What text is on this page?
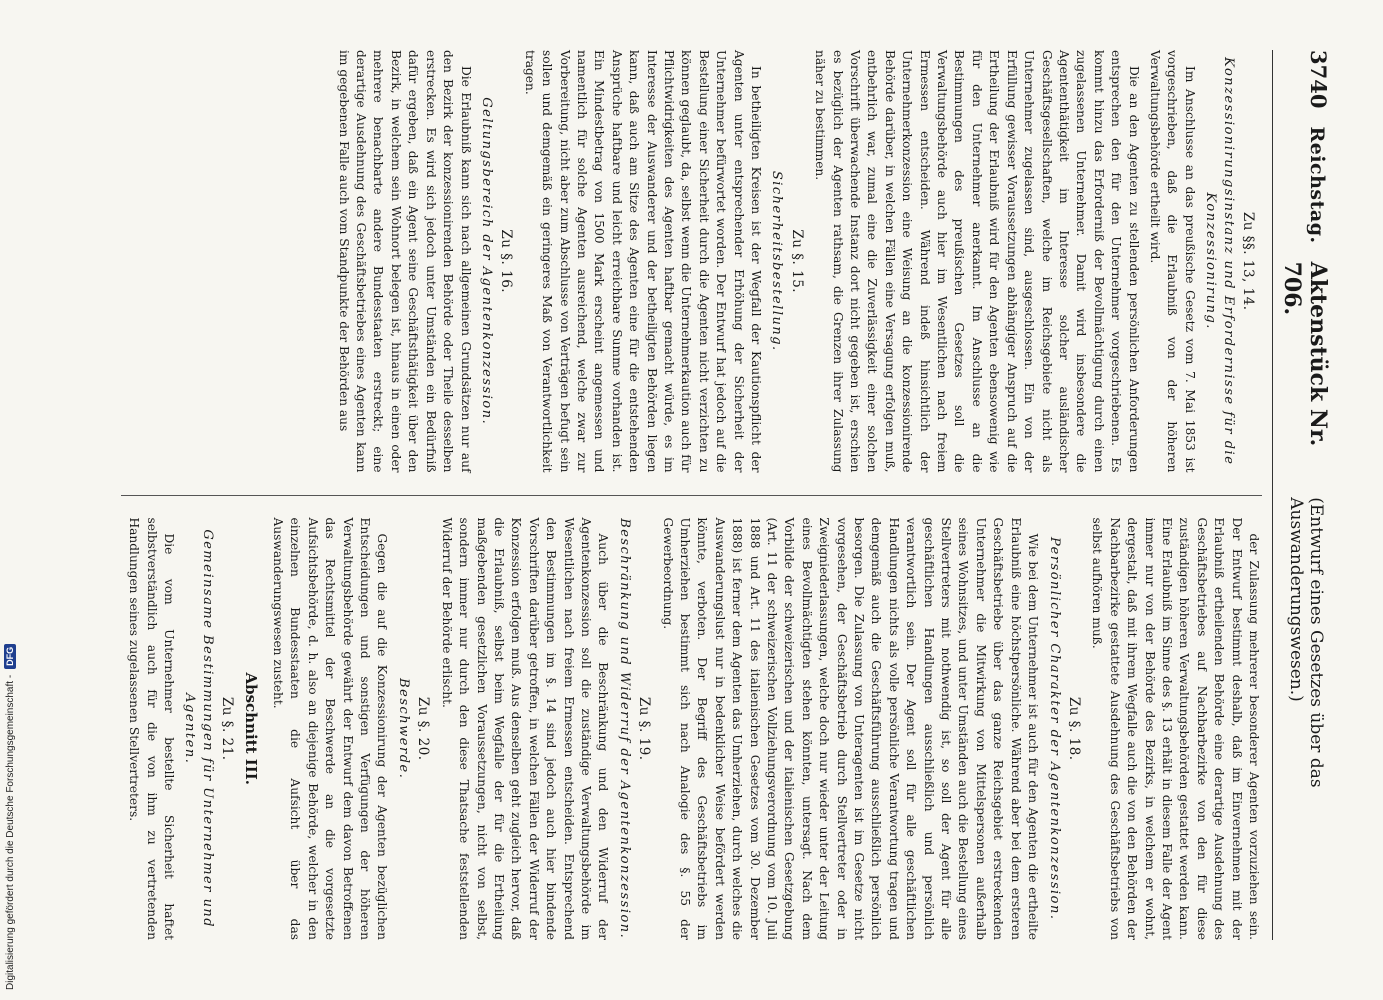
3740
Reichstag.
Aktenstück Nr. 706.
(Entwurf eines Gesetzes über das Auswanderungswesen.)
Zu §§. 13, 14.
Konzessionirungsinstanz und Erfordernisse für die Konzessionirung.

Im Anschlusse an das preußische Gesetz vom 7. Mai 1853 ist vorgeschrieben, daß die Erlaubniß von der höheren Verwaltungsbehörde ertheilt wird.

Die an den Agenten zu stellenden persönlichen Anforderungen entsprechen den für den Unternehmer vorgeschriebenen. Es kommt hinzu das Erforderniß der Bevollmächtigung durch einen zugelassenen Unternehmer. Damit wird insbesondere die Agententhätigkeit im Interesse solcher ausländischer Geschäftsgesellschaften, welche im Reichsgebiete nicht als Unternehmer zugelassen sind, ausgeschlossen. Ein von der Erfüllung gewisser Voraussetzungen abhängiger Anspruch auf die Ertheilung der Erlaubniß wird für den Agenten ebensowenig wie für den Unternehmer anerkannt. Im Anschlusse an die Bestimmungen des preußischen Gesetzes soll die Verwaltungsbehörde auch hier im Wesentlichen nach freiem Ermessen entscheiden. Während indeß hinsichtlich der Unternehmerkonzession eine Weisung an die konzessionirende Behörde darüber, in welchen Fällen eine Versagung erfolgen muß, entbehrlich war, zumal eine die Zuverlässigkeit einer solchen Vorschrift überwachende Instanz dort nicht gegeben ist, erschien es bezüglich der Agenten rathsam, die Grenzen ihrer Zulassung näher zu bestimmen.

Zu §. 15.
Sicherheitsbestellung.

In betheiligten Kreisen ist der Wegfall der Kautionspflicht der Agenten unter entsprechender Erhöhung der Sicherheit der Unternehmer befürwortet worden. Der Entwurf hat jedoch auf die Bestellung einer Sicherheit durch die Agenten nicht verzichten zu können geglaubt, da, selbst wenn die Unternehmerkaution auch für Pflichtwidrigkeiten des Agenten haftbar gemacht würde, es im Interesse der Auswanderer und der betheiligten Behörden liegen kann, daß auch am Sitze des Agenten eine für die entstehenden Ansprüche haftbare und leicht erreichbare Summe vorhanden ist. Ein Mindestbetrag von 1500 Mark erscheint angemessen und namentlich für solche Agenten ausreichend, welche zwar zur Vorbereitung, nicht aber zum Abschlusse von Verträgen befugt sein sollen und demgemäß ein geringeres Maß von Verantwortlichkeit tragen.

Zu §. 16.
Geltungsbereich der Agentenkonzession.

Die Erlaubniß kann sich nach allgemeinen Grundsätzen nur auf den Bezirk der konzessionirenden Behörde oder Theile desselben erstrecken. Es wird sich jedoch unter Umständen ein Bedürfniß dafür ergeben, daß ein Agent seine Geschäftsthätigkeit über den Bezirk, in welchem sein Wohnort belegen ist, hinaus in einen oder mehrere benachbarte andere Bundesstaaten erstreckt; eine derartige Ausdehnung des Geschäftsbetriebes eines Agenten kann im gegebenen Falle auch vom Standpunkte der Behörden aus

der Zulassung mehrerer besonderer Agenten vorzuziehen sein. Der Entwurf bestimmt deshalb, daß im Einvernehmen mit der Erlaubniß ertheilenden Behörde eine derartige Ausdehnung des Geschäftsbetriebes auf Nachbarbezirke von den für diese zuständigen höheren Verwaltungsbehörden gestattet werden kann. Eine Erlaubniß im Sinne des §. 13 erhält in diesem Falle der Agent immer nur von der Behörde des Bezirks, in welchem er wohnt, dergestalt, daß mit ihrem Wegfalle auch die von den Behörden der Nachbarbezirke gestattete Ausdehnung des Geschäftsbetriebs von selbst aufhören muß.

Zu §. 18.
Persönlicher Charakter der Agentenkonzession.

Wie bei dem Unternehmer ist auch für den Agenten die ertheilte Erlaubniß eine höchstpersönliche. Während aber bei dem ersteren Geschäftsbetriebe über das ganze Reichsgebiet erstreckenden Unternehmer die Mitwirkung von Mittelspersonen außerhalb seines Wohnsitzes, und unter Umständen auch die Bestellung eines Stellvertreters mit nothwendig ist, so soll der Agent für alle geschäftlichen Handlungen ausschließlich und persönlich verantwortlich sein. Der Agent soll für alle geschäftlichen Handlungen nichts als volle persönliche Verantwortung tragen und demgemäß auch die Geschäftsführung ausschließlich persönlich besorgen. Die Zulassung von Unteragenten ist im Gesetze nicht vorgesehen, der Geschäftsbetrieb durch Stellvertreter oder in Zweigniederlassungen, welche doch nur wieder unter der Leitung eines Bevollmächtigten stehen könnten, untersagt. Nach dem Vorbilde der schweizerischen und der italienischen Gesetzgebung (Art. 11 der schweizerischen Vollziehungsverordnung vom 10. Juli 1888 und Art. 11 des italienischen Gesetzes vom 30. Dezember 1888) ist ferner dem Agenten das Umherziehen, durch welches die Auswanderungslust nur in bedenklicher Weise befördert werden könnte, verboten. Der Begriff des Geschäftsbetriebs im Umherziehen bestimmt sich nach Analogie des §. 55 der Gewerbeordnung.

Zu §. 19.
Beschränkung und Widerruf der Agentenkonzession.

Auch über die Beschränkung und den Widerruf der Agentenkonzession soll die zuständige Verwaltungsbehörde im Wesentlichen nach freiem Ermessen entscheiden. Entsprechend den Bestimmungen im §. 14 sind jedoch auch hier bindende Vorschriften darüber getroffen, in welchen Fällen der Widerruf der Konzession erfolgen muß. Aus denselben geht zugleich hervor, daß die Erlaubniß, selbst beim Wegfalle der für die Ertheilung maßgebenden gesetzlichen Voraussetzungen, nicht von selbst, sondern immer nur durch den diese Thatsache feststellenden Widerruf der Behörde erlischt.

Zu §. 20.
Beschwerde.

Gegen die auf die Konzessionirung der Agenten bezüglichen Entscheidungen und sonstigen Verfügungen der höheren Verwaltungsbehörde gewährt der Entwurf dem davon Betroffenen das Rechtsmittel der Beschwerde an die vorgesetzte Aufsichtsbehörde, d. h. also an diejenige Behörde, welcher in den einzelnen Bundesstaaten die Aufsicht über das Auswanderungswesen zusteht.

Abschnitt III.
Zu §. 21.
Gemeinsame Bestimmungen für Unternehmer und Agenten.

Die vom Unternehmer bestellte Sicherheit haftet selbstverständlich auch für die von ihm zu vertretenden Handlungen seines zugelassenen Stellvertreters.

Digitalisierung gefördert durch die Deutsche Forschungsgemeinschaft -
DFG
